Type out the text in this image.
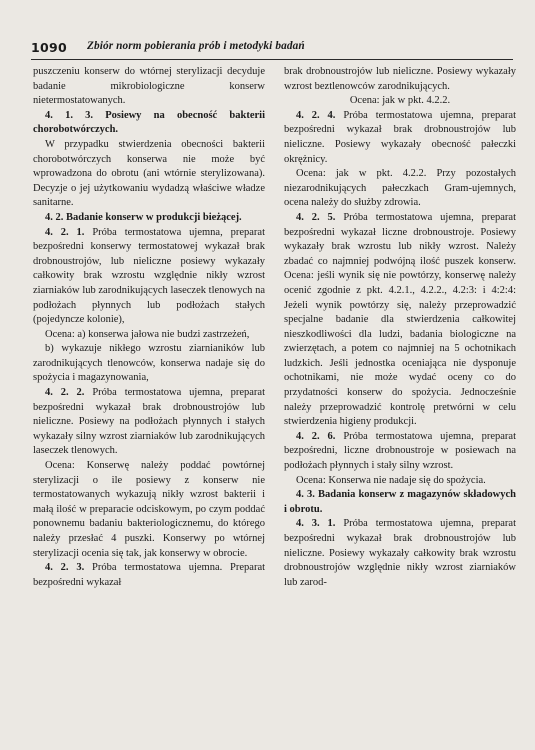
1090 Zbiór norm pobierania prób i metodyki badań

puszczeniu konserw do wtórnej sterylizacji decyduje badanie mikrobiologiczne konserw nietermostatowanych.

4. 1. 3. Posiewy na obecność bakterii chorobotwórczych.

W przypadku stwierdzenia obecności bakterii chorobotwórczych konserwa nie może być wprowadzona do obrotu (ani wtórnie sterylizowana). Decyzje o jej użytkowaniu wydadzą właściwe władze sanitarne.

4. 2. Badanie konserw w produkcji bieżącej.

4. 2. 1. Próba termostatowa ujemna, preparat bezpośredni konserwy termostatowej wykazał brak drobnoustrojów, lub nieliczne posiewy wykazały całkowity brak wzrostu względnie nikły wzrost ziarniaków lub zarodnikujących laseczek tlenowych na podłożach płynnych lub podłożach stałych (pojedyncze kolonie),

Ocena: a) konserwa jałowa nie budzi zastrzeżeń,

b) wykazuje nikłego wzrostu ziarnianików lub zarodnikujących tlenowców, konserwa nadaje się do spożycia i magazynowania,

4. 2. 2. Próba termostatowa ujemna, preparat bezpośredni wykazał brak drobnoustrojów lub nieliczne. Posiewy na podłożach płynnych i stałych wykazały silny wzrost ziarniaków lub zarodnikujących laseczek tlenowych.

Ocena: Konserwę należy poddać powtórnej sterylizacji o ile posiewy z konserw nie termostatowanych wykazują nikły wzrost bakterii i małą ilość w preparacie odciskowym, po czym poddać ponownemu badaniu bakteriologicznemu, do którego należy przesłać 4 puszki. Konserwy po wtórnej sterylizacji ocenia się tak, jak konserwy w obrocie.

4. 2. 3. Próba termostatowa ujemna. Preparat bezpośredni wykazał

brak drobnoustrojów lub nieliczne. Posiewy wykazały wzrost beztlenowców zarodnikujących.

Ocena: jak w pkt. 4.2.2.

4. 2. 4. Próba termostatowa ujemna, preparat bezpośredni wykazał brak drobnoustrojów lub nieliczne. Posiewy wykazały obecność pałeczki okrężnicy.

Ocena: jak w pkt. 4.2.2. Przy pozostałych niezarodnikujących pałeczkach Gram-ujemnych, ocena należy do służby zdrowia.

4. 2. 5. Próba termostatowa ujemna, preparat bezpośredni wykazał liczne drobnoustroje. Posiewy wykazały brak wzrostu lub nikły wzrost. Należy zbadać co najmniej podwójną ilość puszek konserw. Ocena: jeśli wynik się nie powtórzy, konserwę należy ocenić zgodnie z pkt. 4.2.1., 4.2.2., 4.2:3: i 4:2:4: Jeżeli wynik powtórzy się, należy przeprowadzić specjalne badanie dla stwierdzenia całkowitej nieszkodliwości dla ludzi, badania biologiczne na zwierzętach, a potem co najmniej na 5 ochotnikach ludzkich. Jeśli jednostka oceniająca nie dysponuje ochotnikami, nie może wydać oceny co do przydatności konserw do spożycia. Jednocześnie należy przeprowadzić kontrolę pretwórni w celu stwierdzenia higieny produkcji.

4. 2. 6. Próba termostatowa ujemna, preparat bezpośredni, liczne drobnoustroje w posiewach na podłożach płynnych i stały silny wzrost.

Ocena: Konserwa nie nadaje się do spożycia.

4. 3. Badania konserw z magazynów składowych i obrotu.

4. 3. 1. Próba termostatowa ujemna, preparat bezpośredni wykazał brak drobnoustrojów lub nieliczne. Posiewy wykazały całkowity brak wzrostu drobnoustrojów względnie nikły wzrost ziarniaków lub zarod-
